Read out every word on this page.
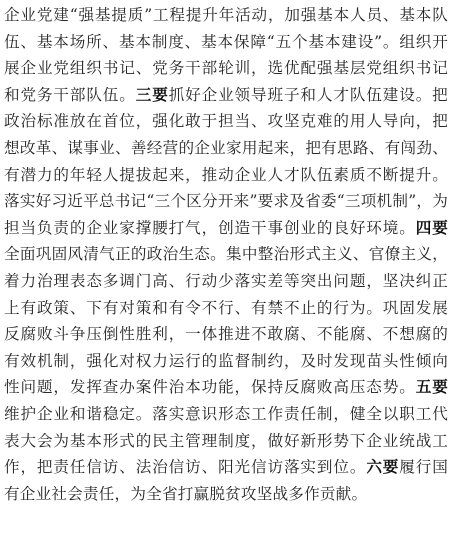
企业党建“强基提质”工程提升年活动，加强基本人员、基本队
伍、基本场所、基本制度、基本保障“五个基本建设”。组织开
展企业党组织书记、党务干部轮训，选优配强基层党组织书记
和党务干部队伍。三要抓好企业领导班子和人才队伍建设。把
政治标准放在首位，强化敢于担当、攻坚克难的用人导向，把
想改革、谋事业、善经营的企业家用起来，把有思路、有闯劲、
有潜力的年轻人提拔起来，推动企业人才队伍素质不断提升。
落实好习近平总书记“三个区分开来”要求及省委“三项机制”，为
担当负责的企业家撑腰打气，创造干事创业的良好环境。四要
全面巩固风清气正的政治生态。集中整治形式主义、官僚主义，
着力治理表态多调门高、行动少落实差等突出问题，坚决纠正
上有政策、下有对策和有令不行、有禁不止的行为。巩固发展
反腐败斗争压倒性胜利，一体推进不敢腐、不能腐、不想腐的
有效机制，强化对权力运行的监督制约，及时发现苗头性倾向
性问题，发挥查办案件治本功能，保持反腐败高压态势。五要
维护企业和谐稳定。落实意识形态工作责任制，健全以职工代
表大会为基本形式的民主管理制度，做好新形势下企业统战工
作，把责任信访、法治信访、阳光信访落实到位。六要履行国
有企业社会责任，为全省打赢脱贫攻坚战多作贡献。
